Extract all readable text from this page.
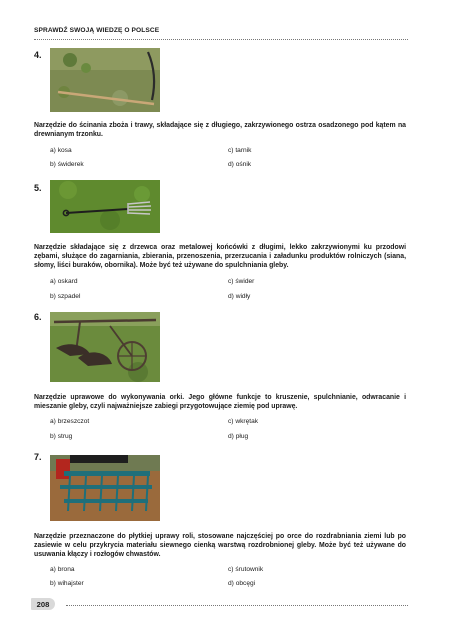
SPRAWDŹ SWOJĄ WIEDZĘ O POLSCE
4.
Narzędzie do ścinania zboża i trawy, składające się z długiego, zakrzywionego ostrza osadzonego pod kątem na drewnianym trzonku.
a) kosa	c) tarnik
b) świderek	d) ośnik
5.
Narzędzie składające się z drzewca oraz metalowej końcówki z długimi, lekko zakrzywionymi ku przodowi zębami, służące do zagarniania, zbierania, przenoszenia, przerzucania i załadunku produktów rolniczych (siana, słomy, liści buraków, obornika). Może być też używane do spulchniania gleby.
a) oskard	c) świder
b) szpadel	d) widły
6.
Narzędzie uprawowe do wykonywania orki. Jego główne funkcje to kruszenie, spulchnianie, odwracanie i mieszanie gleby, czyli najważniejsze zabiegi przygotowujące ziemię pod uprawę.
a) brzeszczot	c) wkrętak
b) strug	d) pług
7.
Narzędzie przeznaczone do płytkiej uprawy roli, stosowane najczęściej po orce do rozdrabniania ziemi lub po zasiewie w celu przykrycia materiału siewnego cienką warstwą rozdrobnionej gleby. Może być też używane do usuwania kłączy i rozłogów chwastów.
a) brona	c) śrutownik
b) wihajster	d) obcęgi
208
